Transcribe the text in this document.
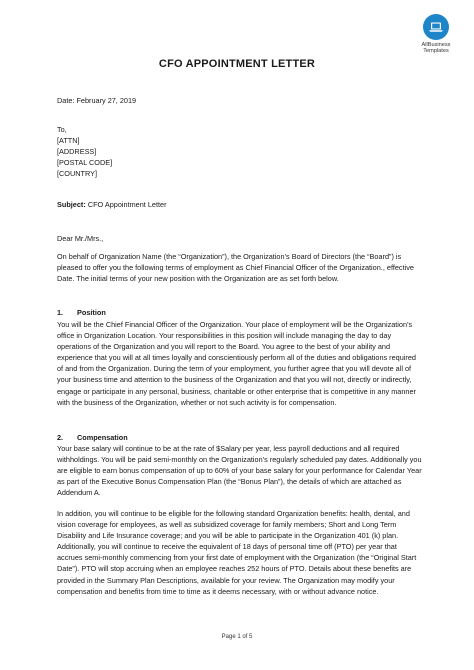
AllBusiness
Templates
CFO APPOINTMENT LETTER
Date: February 27, 2019
To,
[ATTN]
[ADDRESS]
[POSTAL CODE]
[COUNTRY]
Subject: CFO Appointment Letter
Dear Mr./Mrs.,

On behalf of Organization Name (the “Organization”), the Organization’s Board of Directors (the “Board”) is pleased to offer you the following terms of employment as Chief Financial Officer of the Organization., effective Date. The initial terms of your new position with the Organization are as set forth below.

1. Position

You will be the Chief Financial Officer of the Organization. Your place of employment will be the Organization’s office in Organization Location. Your responsibilities in this position will include managing the day to day operations of the Organization and you will report to the Board. You agree to the best of your ability and experience that you will at all times loyally and conscientiously perform all of the duties and obligations required of and from the Organization. During the term of your employment, you further agree that you will devote all of your business time and attention to the business of the Organization and that you will not, directly or indirectly, engage or participate in any personal, business, charitable or other enterprise that is competitive in any manner with the business of the Organization, whether or not such activity is for compensation.

2. Compensation

Your base salary will continue to be at the rate of $Salary per year, less payroll deductions and all required withholdings. You will be paid semi-monthly on the Organization’s regularly scheduled pay dates. Additionally you are eligible to earn bonus compensation of up to 60% of your base salary for your performance for Calendar Year as part of the Executive Bonus Compensation Plan (the “Bonus Plan”), the details of which are attached as Addendum A.

In addition, you will continue to be eligible for the following standard Organization benefits: health, dental, and vision coverage for employees, as well as subsidized coverage for family members; Short and Long Term Disability and Life Insurance coverage; and you will be able to participate in the Organization 401 (k) plan. Additionally, you will continue to receive the equivalent of 18 days of personal time off (PTO) per year that accrues semi-monthly commencing from your first date of employment with the Organization (the “Original Start Date”). PTO will stop accruing when an employee reaches 252 hours of PTO. Details about these benefits are provided in the Summary Plan Descriptions, available for your review. The Organization may modify your compensation and benefits from time to time as it deems necessary, with or without advance notice.

Page 1 of 5
